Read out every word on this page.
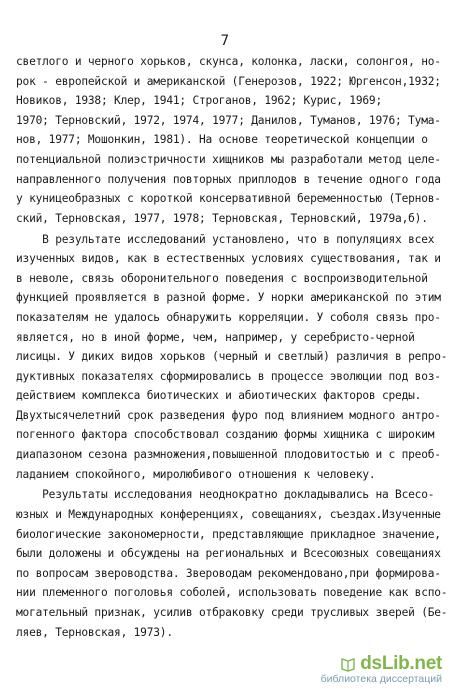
7
светлого и черного хорьков, скунса, колонка, ласки, солонгоя, но-
рок - европейской и американской (Генерозов, 1922; Юргенсон,1932;
Новиков, 1938; Клер, 1941; Строганов, 1962; Курис, 1969;
1970; Терновский, 1972, 1974, 1977; Данилов, Туманов, 1976; Тума-
нов, 1977; Мошонкин, 1981). На основе теоретической концепции о
потенциальной полиэстричности хищников мы разработали метод целе-
направленного получения повторных приплодов в течение одного года
у куницеобразных с короткой консервативной беременностью (Тернов-
ский, Терновская, 1977, 1978; Терновская, Терновский, 1979а,б).
В результате исследований установлено, что в популяциях всех
изученных видов, как в естественных условиях существования, так и
в неволе, связь оборонительного поведения с воспроизводительной
функцией проявляется в разной форме. У норки американской по этим
показателям не удалось обнаружить корреляции. У соболя связь про-
является, но в иной форме, чем, например, у серебристо-черной
лисицы. У диких видов хорьков (черный и светлый) различия в репро-
дуктивных показателях сформировались в процессе эволюции под воз-
действием комплекса биотических и абиотических факторов среды.
Двухтысячелетний срок разведения фуро под влиянием модного антро-
погенного фактора способствовал созданию формы хищника с широким
диапазоном сезона размножения,повышенной плодовитостью и с преоб-
ладанием спокойного, миролюбивого отношения к человеку.
Результаты исследования неоднократно докладывались на Всесо-
юзных и Международных конференциях, совещаниях, съездах.Изученные
биологические закономерности, представляющие прикладное значение,
были доложены и обсуждены на региональных и Всесоюзных совещаниях
по вопросам звероводства. Звероводам рекомендовано,при формирова-
нии племенного поголовья соболей, использовать поведение как вспо-
могательный признак, усилив отбраковку среди трусливых зверей (Бе-
ляев, Терновская, 1973).
dsLib.net
библиотека диссертаций
